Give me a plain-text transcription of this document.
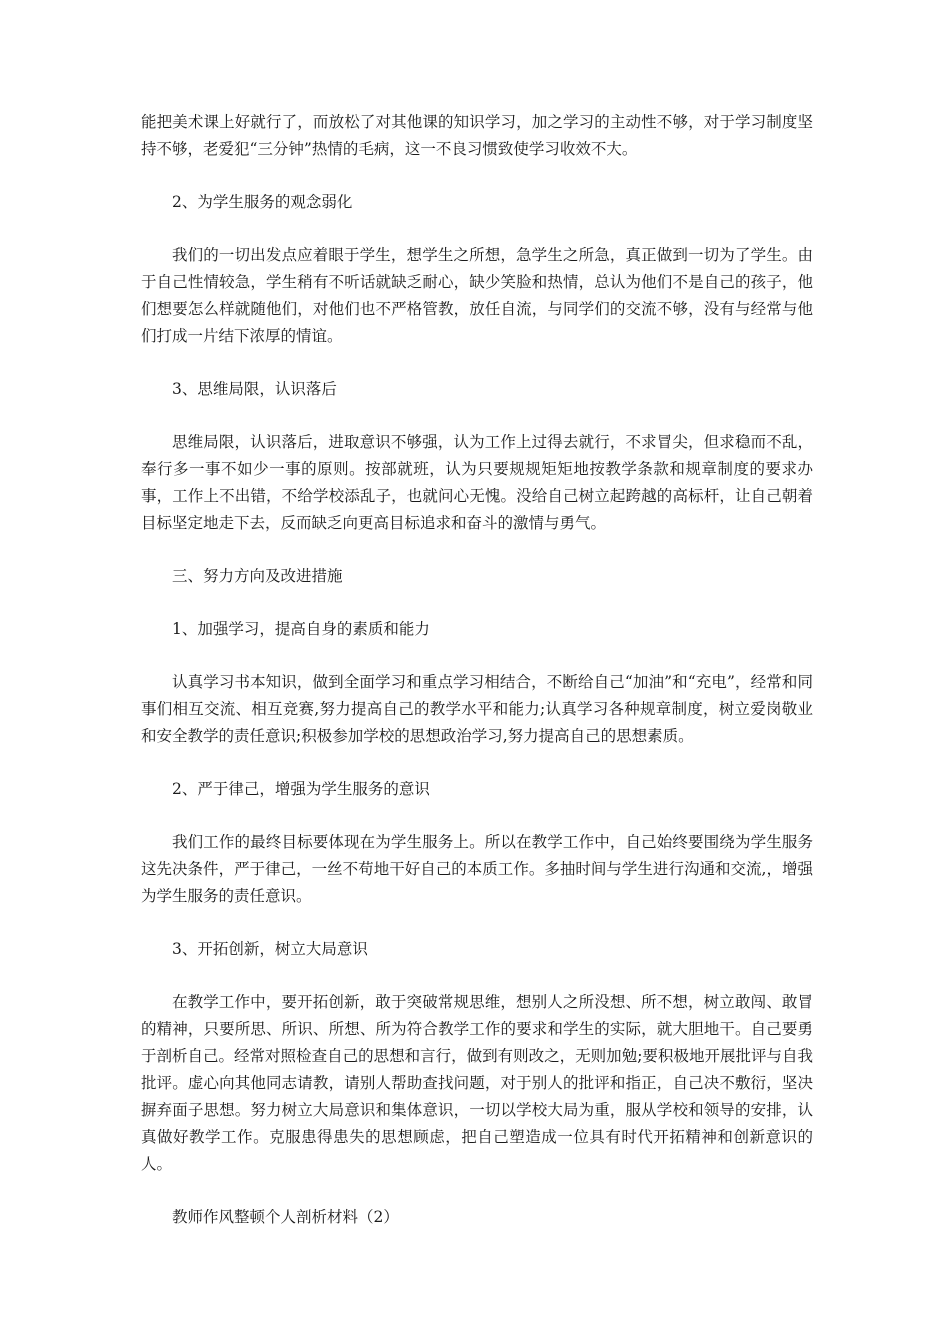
能把美术课上好就行了，而放松了对其他课的知识学习，加之学习的主动性不够，对于学习制度坚持不够，老爱犯“三分钟”热情的毛病，这一不良习惯致使学习收效不大。

2、为学生服务的观念弱化

我们的一切出发点应着眼于学生，想学生之所想，急学生之所急，真正做到一切为了学生。由于自己性情较急，学生稍有不听话就缺乏耐心，缺少笑脸和热情，总认为他们不是自己的孩子，他们想要怎么样就随他们，对他们也不严格管教，放任自流，与同学们的交流不够，没有与经常与他们打成一片结下浓厚的情谊。

3、思维局限，认识落后

思维局限，认识落后，进取意识不够强，认为工作上过得去就行，不求冒尖，但求稳而不乱，奉行多一事不如少一事的原则。按部就班，认为只要规规矩矩地按教学条款和规章制度的要求办事，工作上不出错，不给学校添乱子，也就问心无愧。没给自己树立起跨越的高标杆，让自己朝着目标坚定地走下去，反而缺乏向更高目标追求和奋斗的激情与勇气。

三、努力方向及改进措施

1、加强学习，提高自身的素质和能力

认真学习书本知识，做到全面学习和重点学习相结合，不断给自己“加油”和“充电”，经常和同事们相互交流、相互竞赛,努力提高自己的教学水平和能力;认真学习各种规章制度，树立爱岗敬业和安全教学的责任意识;积极参加学校的思想政治学习,努力提高自己的思想素质。

2、严于律己，增强为学生服务的意识

我们工作的最终目标要体现在为学生服务上。所以在教学工作中，自己始终要围绕为学生服务这先决条件，严于律己，一丝不苟地干好自己的本质工作。多抽时间与学生进行沟通和交流,，增强为学生服务的责任意识。

3、开拓创新，树立大局意识

在教学工作中，要开拓创新，敢于突破常规思维，想别人之所没想、所不想，树立敢闯、敢冒的精神，只要所思、所识、所想、所为符合教学工作的要求和学生的实际，就大胆地干。自己要勇于剖析自己。经常对照检查自己的思想和言行，做到有则改之，无则加勉;要积极地开展批评与自我批评。虚心向其他同志请教，请别人帮助查找问题，对于别人的批评和指正，自己决不敷衍，坚决摒弃面子思想。努力树立大局意识和集体意识，一切以学校大局为重，服从学校和领导的安排，认真做好教学工作。克服患得患失的思想顾虑，把自己塑造成一位具有时代开拓精神和创新意识的人。

教师作风整顿个人剖析材料（2）
